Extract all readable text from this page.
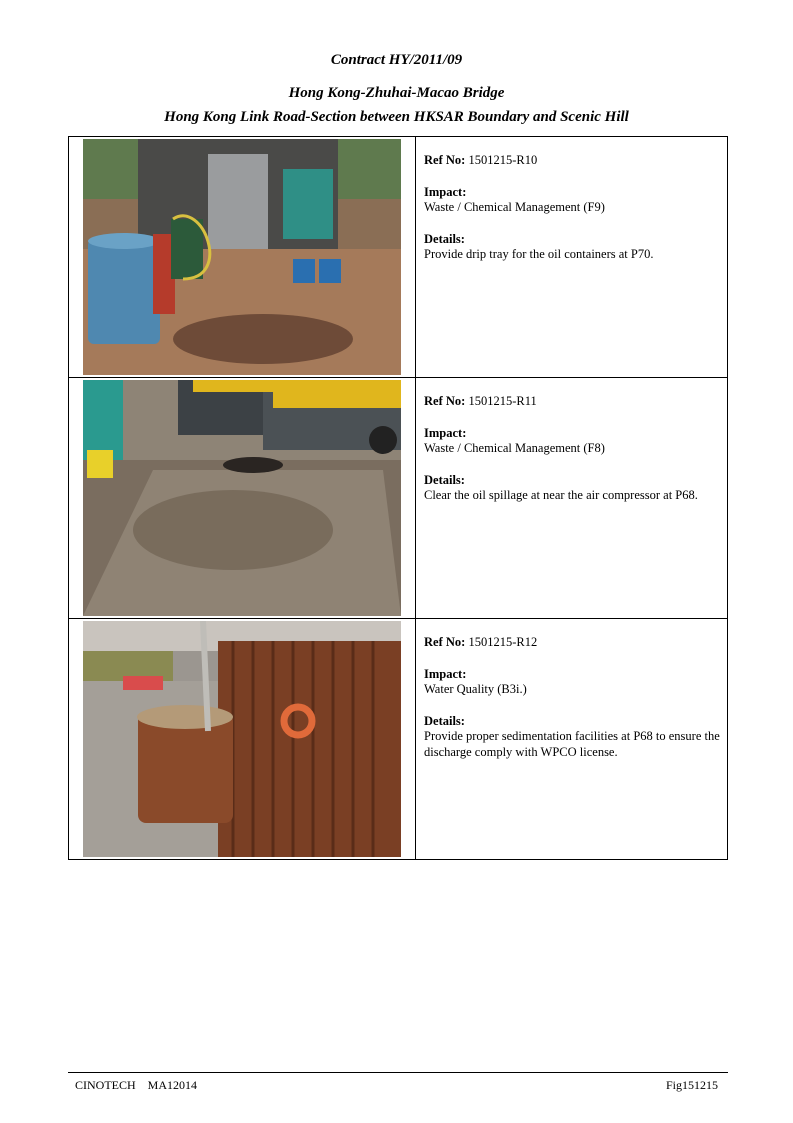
Contract HY/2011/09
Hong Kong-Zhuhai-Macao Bridge
Hong Kong Link Road-Section between HKSAR Boundary and Scenic Hill

Ref No: 1501215-R10
Impact:
Waste / Chemical Management (F9)
Details:
Provide drip tray for the oil containers at P70.

Ref No: 1501215-R11
Impact:
Waste / Chemical Management (F8)
Details:
Clear the oil spillage at near the air compressor at P68.

Ref No: 1501215-R12
Impact:
Water Quality (B3i.)
Details:
Provide proper sedimentation facilities at P68 to ensure the discharge comply with WPCO license.
CINOTECH    MA12014	Fig151215
